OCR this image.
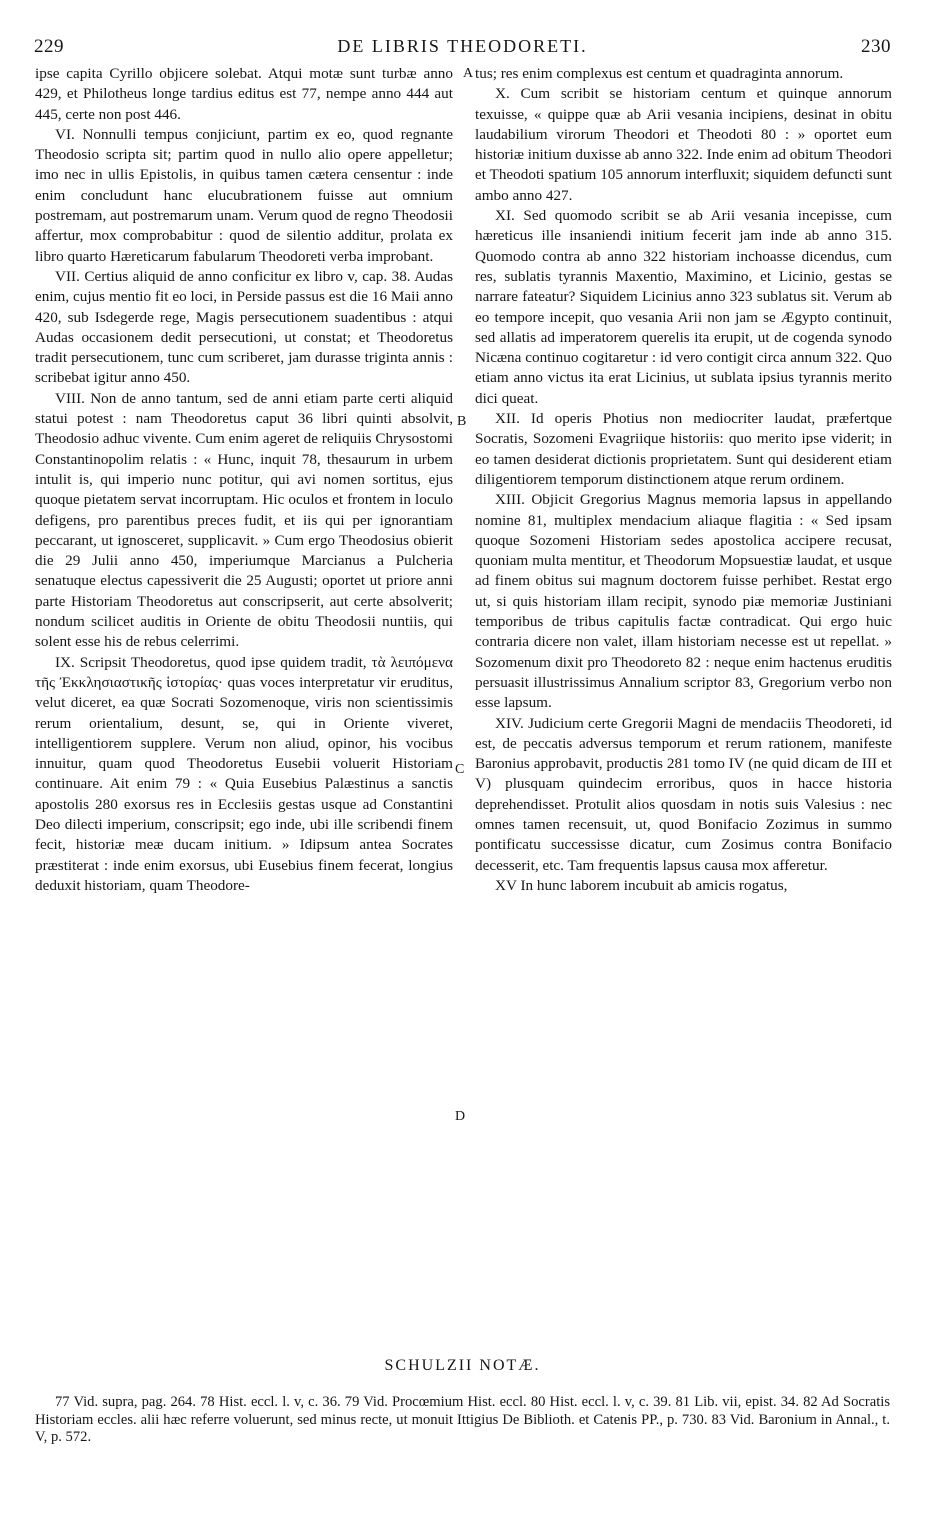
229	DE LIBRIS THEODORETI.	230

ipse capita Cyrillo objicere solebat. Atqui motæ sunt turbæ anno 429, et Philotheus longe tardius editus est 77, nempe anno 444 aut 445, certe non post 446.

VI. Nonnulli tempus conjiciunt, partim ex eo, quod regnante Theodosio scripta sit; partim quod in nullo alio opere appelletur; imo nec in ullis Epistolis, in quibus tamen cætera censentur : inde enim concludunt hanc elucubrationem fuisse aut omnium postremam, aut postremarum unam. Verum quod de regno Theodosii affertur, mox comprobabitur : quod de silentio additur, prolata ex libro quarto Hæreticarum fabularum Theodoreti verba improbant.

VII. Certius aliquid de anno conficitur ex libro v, cap. 38. Audas enim, cujus mentio fit eo loci, in Perside passus est die 16 Maii anno 420, sub Isdegerde rege, Magis persecutionem suadentibus : atqui Audas occasionem dedit persecutioni, ut constat; et Theodoretus tradit persecutionem, tunc cum scriberet, jam durasse triginta annis : scribebat igitur anno 450.

VIII. Non de anno tantum, sed de anni etiam parte certi aliquid statui potest : nam Theodoretus caput 36 libri quinti absolvit, Theodosio adhuc vivente. Cum enim ageret de reliquiis Chrysostomi Constantinopolim relatis : « Hunc, inquit 78, thesaurum in urbem intulit is, qui imperio nunc potitur, qui avi nomen sortitus, ejus quoque pietatem servat incorruptam. Hic oculos et frontem in loculo defigens, pro parentibus preces fudit, et iis qui per ignorantiam peccarant, ut ignosceret, supplicavit. » Cum ergo Theodosius obierit die 29 Julii anno 450, imperiumque Marcianus a Pulcheria senatuque electus capessiverit die 25 Augusti; oportet ut priore anni parte Historiam Theodoretus aut conscripserit, aut certe absolverit; nondum scilicet auditis in Oriente de obitu Theodosii nuntiis, qui solent esse his de rebus celerrimi.

IX. Scripsit Theodoretus, quod ipse quidem tradit, τὰ λειπόμενα τῆς Ἐκκλησιαστικῆς ἱστορίας· quas voces interpretatur vir eruditus, velut diceret, ea quæ Socrati Sozomenoque, viris non scientissimis rerum orientalium, desunt, se, qui in Oriente viveret, intelligentiorem supplere. Verum non aliud, opinor, his vocibus innuitur, quam quod Theodoretus Eusebii voluerit Historiam continuare. Ait enim 79 : « Quia Eusebius Palæstinus a sanctis apostolis 280 exorsus res in Ecclesiis gestas usque ad Constantini Deo dilecti imperium, conscripsit; ego inde, ubi ille scribendi finem fecit, historiæ meæ ducam initium. » Idipsum antea Socrates præstiterat : inde enim exorsus, ubi Eusebius finem fecerat, longius deduxit historiam, quam Theodore-

A
B
C
D

tus; res enim complexus est centum et quadraginta annorum.

X. Cum scribit se historiam centum et quinque annorum texuisse, « quippe quæ ab Arii vesania incipiens, desinat in obitu laudabilium virorum Theodori et Theodoti 80 : » oportet eum historiæ initium duxisse ab anno 322. Inde enim ad obitum Theodori et Theodoti spatium 105 annorum interfluxit; siquidem defuncti sunt ambo anno 427.

XI. Sed quomodo scribit se ab Arii vesania incepisse, cum hæreticus ille insaniendi initium fecerit jam inde ab anno 315. Quomodo contra ab anno 322 historiam inchoasse dicendus, cum res, sublatis tyrannis Maxentio, Maximino, et Licinio, gestas se narrare fateatur? Siquidem Licinius anno 323 sublatus sit. Verum ab eo tempore incepit, quo vesania Arii non jam se Ægypto continuit, sed allatis ad imperatorem querelis ita erupit, ut de cogenda synodo Nicæna continuo cogitaretur : id vero contigit circa annum 322. Quo etiam anno victus ita erat Licinius, ut sublata ipsius tyrannis merito dici queat.

XII. Id operis Photius non mediocriter laudat, præfertque Socratis, Sozomeni Evagriique historiis: quo merito ipse viderit; in eo tamen desiderat dictionis proprietatem. Sunt qui desiderent etiam diligentiorem temporum distinctionem atque rerum ordinem.

XIII. Objicit Gregorius Magnus memoria lapsus in appellando nomine 81, multiplex mendacium aliaque flagitia : « Sed ipsam quoque Sozomeni Historiam sedes apostolica accipere recusat, quoniam multa mentitur, et Theodorum Mopsuestiæ laudat, et usque ad finem obitus sui magnum doctorem fuisse perhibet. Restat ergo ut, si quis historiam illam recipit, synodo piæ memoriæ Justiniani temporibus de tribus capitulis factæ contradicat. Qui ergo huic contraria dicere non valet, illam historiam necesse est ut repellat. » Sozomenum dixit pro Theodoreto 82 : neque enim hactenus eruditis persuasit illustrissimus Annalium scriptor 83, Gregorium verbo non esse lapsum.

XIV. Judicium certe Gregorii Magni de mendaciis Theodoreti, id est, de peccatis adversus temporum et rerum rationem, manifeste Baronius approbavit, productis 281 tomo IV (ne quid dicam de III et V) plusquam quindecim erroribus, quos in hacce historia deprehendisset. Protulit alios quosdam in notis suis Valesius : nec omnes tamen recensuit, ut, quod Bonifacio Zozimus in summo pontificatu successisse dicatur, cum Zosimus contra Bonifacio decesserit, etc. Tam frequentis lapsus causa mox afferetur.

XV In hunc laborem incubuit ab amicis rogatus,

SCHULZII NOTÆ.

77 Vid. supra, pag. 264. 78 Hist. eccl. l. v, c. 36. 79 Vid. Procœmium Hist. eccl. 80 Hist. eccl. l. v, c. 39. 81 Lib. vii, epist. 34. 82 Ad Socratis Historiam eccles. alii hæc referre voluerunt, sed minus recte, ut monuit Ittigius De Biblioth. et Catenis PP., p. 730. 83 Vid. Baronium in Annal., t. V, p. 572.
